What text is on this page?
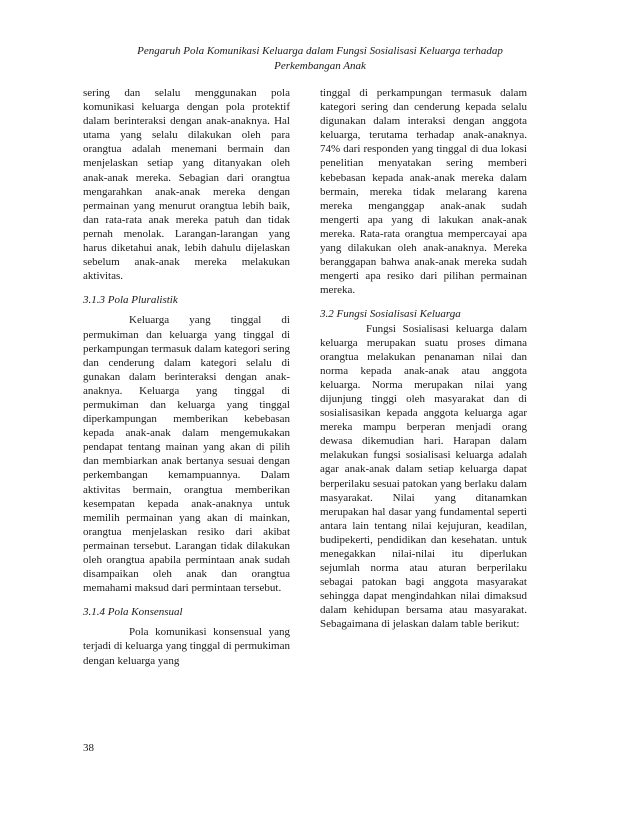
Pengaruh Pola Komunikasi Keluarga dalam Fungsi Sosialisasi Keluarga terhadap
Perkembangan Anak

sering dan selalu menggunakan pola komunikasi keluarga dengan pola protektif dalam berinteraksi dengan anak-anaknya. Hal utama yang selalu dilakukan oleh para orangtua adalah menemani bermain dan menjelaskan setiap yang ditanyakan oleh anak-anak mereka. Sebagian dari orangtua mengarahkan anak-anak mereka dengan permainan yang menurut orangtua lebih baik, dan rata-rata anak mereka patuh dan tidak pernah menolak. Larangan-larangan yang harus diketahui anak, lebih dahulu dijelaskan sebelum anak-anak mereka melakukan aktivitas.

3.1.3 Pola Pluralistik

Keluarga yang tinggal di permukiman dan keluarga yang tinggal di perkampungan termasuk dalam kategori sering dan cenderung dalam kategori selalu di gunakan dalam berinteraksi dengan anak-anaknya. Keluarga yang tinggal di permukiman dan keluarga yang tinggal diperkampungan memberikan kebebasan kepada anak-anak dalam mengemukakan pendapat tentang mainan yang akan di pilih dan membiarkan anak bertanya sesuai dengan perkembangan kemampuannya. Dalam aktivitas bermain, orangtua memberikan kesempatan kepada anak-anaknya untuk memilih permainan yang akan di mainkan, orangtua menjelaskan resiko dari akibat permainan tersebut. Larangan tidak dilakukan oleh orangtua apabila permintaan anak sudah disampaikan oleh anak dan orangtua memahami maksud dari permintaan tersebut.

3.1.4 Pola Konsensual

Pola komunikasi konsensual yang terjadi di keluarga yang tinggal di permukiman dengan keluarga yang

tinggal di perkampungan termasuk dalam kategori sering dan cenderung kepada selalu digunakan dalam interaksi dengan anggota keluarga, terutama terhadap anak-anaknya. 74% dari responden yang tinggal di dua lokasi penelitian menyatakan sering memberi kebebasan kepada anak-anak mereka dalam bermain, mereka tidak melarang karena mereka menganggap anak-anak sudah mengerti apa yang di lakukan anak-anak mereka. Rata-rata orangtua mempercayai apa yang dilakukan oleh anak-anaknya. Mereka beranggapan bahwa anak-anak mereka sudah mengerti apa resiko dari pilihan permainan mereka.

3.2 Fungsi Sosialisasi Keluarga

Fungsi Sosialisasi keluarga dalam keluarga merupakan suatu proses dimana orangtua melakukan penanaman nilai dan norma kepada anak-anak atau anggota keluarga. Norma merupakan nilai yang dijunjung tinggi oleh masyarakat dan di sosialisasikan kepada anggota keluarga agar mereka mampu berperan menjadi orang dewasa dikemudian hari. Harapan dalam melakukan fungsi sosialisasi keluarga adalah agar anak-anak dalam setiap keluarga dapat berperilaku sesuai patokan yang berlaku dalam masyarakat. Nilai yang ditanamkan merupakan hal dasar yang fundamental seperti antara lain tentang nilai kejujuran, keadilan, budipekerti, pendidikan dan kesehatan. untuk menegakkan nilai-nilai itu diperlukan sejumlah norma atau aturan berperilaku sebagai patokan bagi anggota masyarakat sehingga dapat mengindahkan nilai dimaksud dalam kehidupan bersama atau masyarakat. Sebagaimana di jelaskan dalam table berikut:

38
